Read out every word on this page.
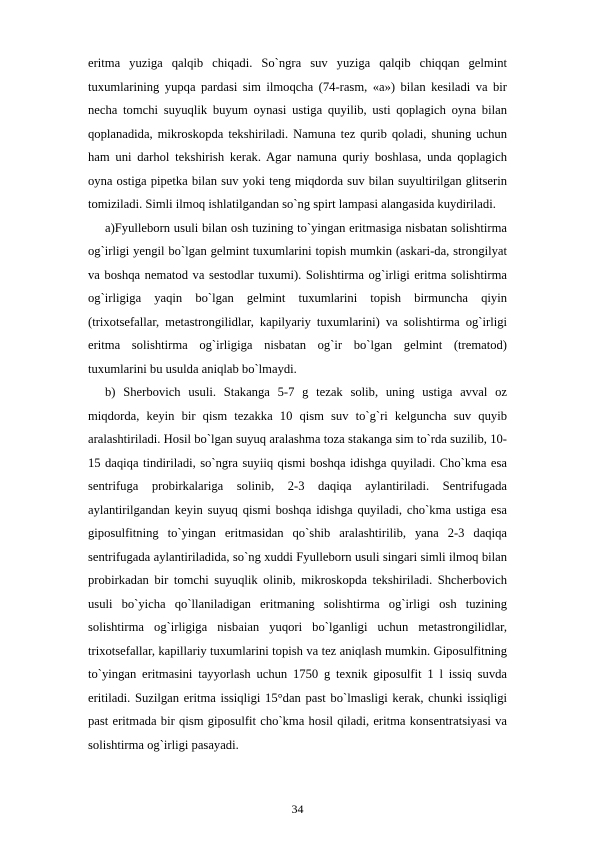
eritma yuziga qalqib chiqadi. So`ngra suv yuziga qalqib chiqqan gelmint tuxumlarining yupqa pardasi sim ilmoqcha (74-rasm, «a») bilan kesiladi va bir necha tomchi suyuqlik buyum oynasi ustiga quyilib, usti qoplagich oyna bilan qoplanadida, mikroskopda tekshiriladi. Namuna tez qurib qoladi, shuning uchun ham uni darhol tekshirish kerak. Agar namuna quriy boshlasa, unda qoplagich oyna ostiga pipetka bilan suv yoki teng miqdorda suv bilan suyultirilgan glitserin tomiziladi. Simli ilmoq ishlatilgandan so`ng spirt lampasi alangasida kuydiriladi.

a)Fyulleborn usuli bilan osh tuzining to`yingan eritmasiga nisbatan solishtirma og`irligi yengil bo`lgan gelmint tuxumlarini topish mumkin (askari-da, strongilyat va boshqa nematod va sestodlar tuxumi). Solishtirma og`irligi eritma solishtirma og`irligiga yaqin bo`lgan gelmint tuxumlarini topish birmuncha qiyin (trixotsefallar, metastrongilidlar, kapilyariy tuxumlarini) va solishtirma og`irligi eritma solishtirma og`irligiga nisbatan og`ir bo`lgan gelmint (trematod) tuxumlarini bu usulda aniqlab bo`lmaydi.

b) Sherbovich usuli. Stakanga 5-7 g tezak solib, uning ustiga avval oz miqdorda, keyin bir qism tezakka 10 qism suv to`g`ri kelguncha suv quyib aralashtiriladi. Hosil bo`lgan suyuq aralashma toza stakanga sim to`rda suzilib, 10-15 daqiqa tindiriladi, so`ngra suyiiq qismi boshqa idishga quyiladi. Cho`kma esa sentrifuga probirkalariga solinib, 2-3 daqiqa aylantiriladi. Sentrifugada aylantirilgandan keyin suyuq qismi boshqa idishga quyiladi, cho`kma ustiga esa giposulfitning to`yingan eritmasidan qo`shib aralashtirilib, yana 2-3 daqiqa sentrifugada aylantiriladida, so`ng xuddi Fyulleborn usuli singari simli ilmoq bilan probirkadan bir tomchi suyuqlik olinib, mikroskopda tekshiriladi. Shcherbovich usuli bo`yicha qo`llaniladigan eritmaning solishtirma og`irligi osh tuzining solishtirma og`irligiga nisbaian yuqori bo`lganligi uchun metastrongilidlar, trixotsefallar, kapillariy tuxumlarini topish va tez aniqlash mumkin. Giposulfitning to`yingan eritmasini tayyorlash uchun 1750 g texnik giposulfit 1 l issiq suvda eritiladi. Suzilgan eritma issiqligi 15°dan past bo`lmasligi kerak, chunki issiqligi past eritmada bir qism giposulfit cho`kma hosil qiladi, eritma konsentratsiyasi va solishtirma og`irligi pasayadi.

34
